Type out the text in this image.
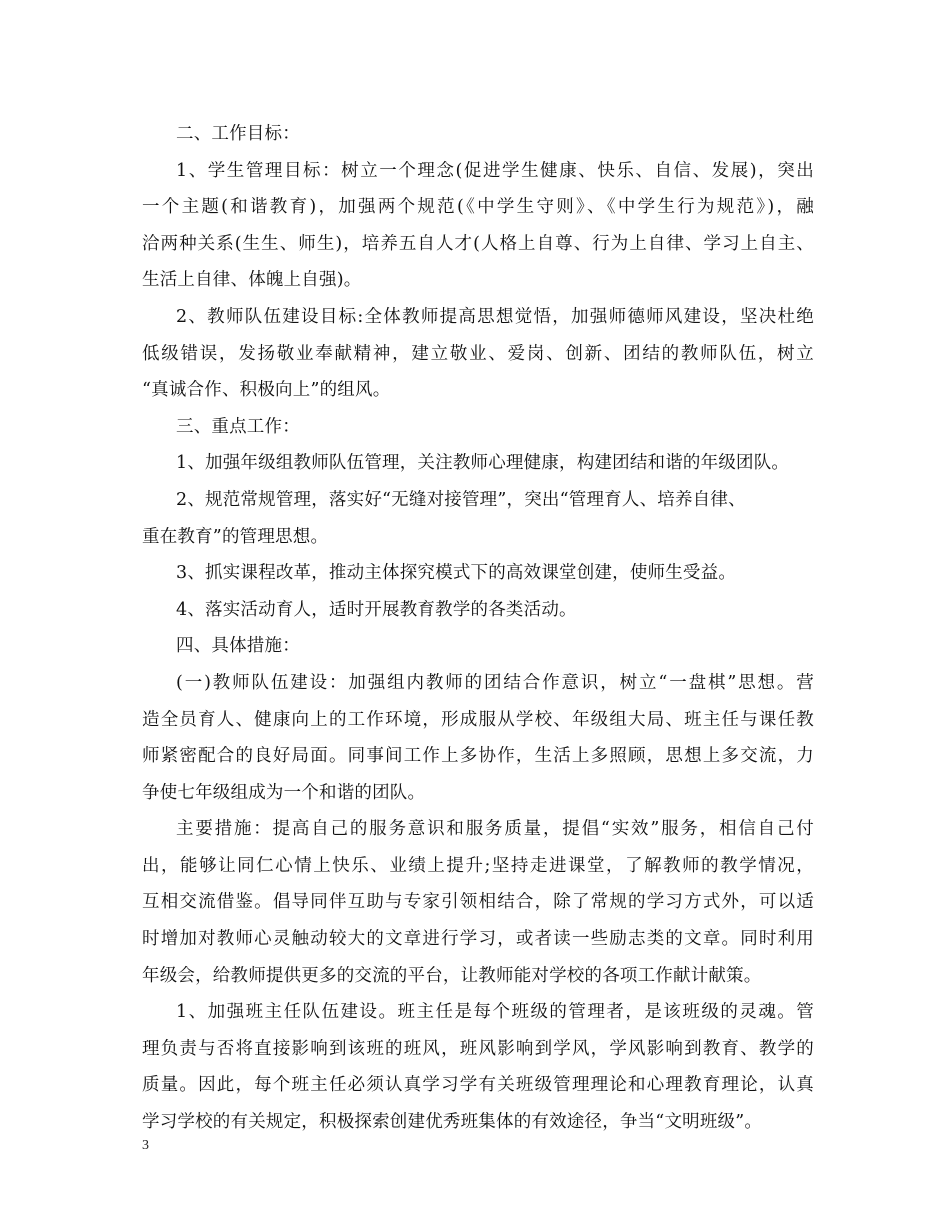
二、工作目标：
1、学生管理目标：树立一个理念(促进学生健康、快乐、自信、发展)，突出
一个主题(和谐教育)，加强两个规范(《中学生守则》、《中学生行为规范》)，融
洽两种关系(生生、师生)，培养五自人才(人格上自尊、行为上自律、学习上自主、
生活上自律、体魄上自强)。
2、教师队伍建设目标:全体教师提高思想觉悟，加强师德师风建设，坚决杜绝
低级错误，发扬敬业奉献精神，建立敬业、爱岗、创新、团结的教师队伍，树立
“真诚合作、积极向上”的组风。
三、重点工作：
1、加强年级组教师队伍管理，关注教师心理健康，构建团结和谐的年级团队。
2、规范常规管理，落实好“无缝对接管理”，突出“管理育人、培养自律、
重在教育”的管理思想。
3、抓实课程改革，推动主体探究模式下的高效课堂创建，使师生受益。
4、落实活动育人，适时开展教育教学的各类活动。
四、具体措施：
(一)教师队伍建设：加强组内教师的团结合作意识，树立“一盘棋”思想。营
造全员育人、健康向上的工作环境，形成服从学校、年级组大局、班主任与课任教
师紧密配合的良好局面。同事间工作上多协作，生活上多照顾，思想上多交流，力
争使七年级组成为一个和谐的团队。
主要措施：提高自己的服务意识和服务质量，提倡“实效”服务，相信自己付
出，能够让同仁心情上快乐、业绩上提升;坚持走进课堂，了解教师的教学情况，
互相交流借鉴。倡导同伴互助与专家引领相结合，除了常规的学习方式外，可以适
时增加对教师心灵触动较大的文章进行学习，或者读一些励志类的文章。同时利用
年级会，给教师提供更多的交流的平台，让教师能对学校的各项工作献计献策。
1、加强班主任队伍建设。班主任是每个班级的管理者，是该班级的灵魂。管
理负责与否将直接影响到该班的班风，班风影响到学风，学风影响到教育、教学的
质量。因此，每个班主任必须认真学习学有关班级管理理论和心理教育理论，认真
学习学校的有关规定，积极探索创建优秀班集体的有效途径，争当“文明班级”。
3
